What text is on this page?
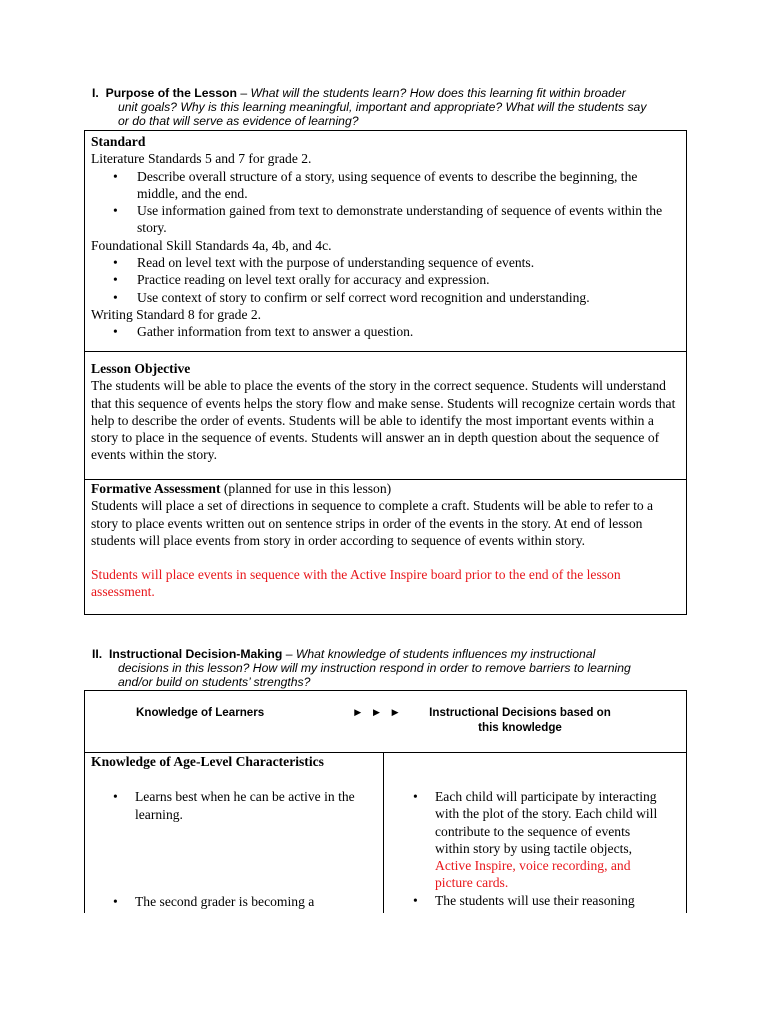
I. Purpose of the Lesson – What will the students learn? How does this learning fit within broader
unit goals? Why is this learning meaningful, important and appropriate? What will the students say
or do that will serve as evidence of learning?

Standard

Literature Standards 5 and 7 for grade 2.

• Describe overall structure of a story, using sequence of events to describe the beginning, the middle, and the end.
• Use information gained from text to demonstrate understanding of sequence of events within the story.

Foundational Skill Standards 4a, 4b, and 4c.

• Read on level text with the purpose of understanding sequence of events.
• Practice reading on level text orally for accuracy and expression.
• Use context of story to confirm or self correct word recognition and understanding.

Writing Standard 8 for grade 2.

• Gather information from text to answer a question.

Lesson Objective

The students will be able to place the events of the story in the correct sequence. Students will understand that this sequence of events helps the story flow and make sense. Students will recognize certain words that help to describe the order of events. Students will be able to identify the most important events within a story to place in the sequence of events. Students will answer an in depth question about the sequence of events within the story.

Formative Assessment (planned for use in this lesson)

Students will place a set of directions in sequence to complete a craft. Students will be able to refer to a story to place events written out on sentence strips in order of the events in the story. At end of lesson students will place events from story in order according to sequence of events within story.

Students will place events in sequence with the Active Inspire board prior to the end of the lesson assessment.

II. Instructional Decision-Making – What knowledge of students influences my instructional
decisions in this lesson? How will my instruction respond in order to remove barriers to learning
and/or build on students’ strengths?
Knowledge of Learners	► ► ►	Instructional Decisions based on
this knowledge

Knowledge of Age-Level Characteristics

• Learns best when he can be active in the learning.
• The second grader is becoming a
• Each child will participate by interacting with the plot of the story. Each child will contribute to the sequence of events within story by using tactile objects, Active Inspire, voice recording, and picture cards.
• The students will use their reasoning
